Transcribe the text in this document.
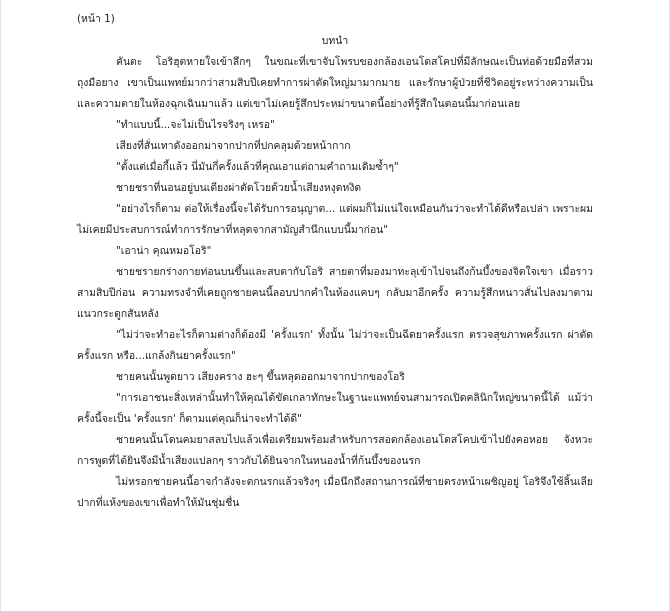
(หน้า 1)
บทนำ

คันตะ โอริฮุตหายใจเข้าลึกๆ ในขณะที่เขาจับโพรบของกล้องเอนโดสโคปที่มีลักษณะเป็นท่อด้วยมือที่สวมถุงมือยาง เขาเป็นแพทย์มากว่าสามสิบปีเคยทำการผ่าตัดใหญ่มามากมาย และรักษาผู้ป่วยที่ชีวิตอยู่ระหว่างความเป็นและความตายในห้องฉุกเฉินมาแล้ว แต่เขาไม่เคยรู้สึกประหม่าขนาดนี้อย่างที่รู้สึกในตอนนี้มาก่อนเลย

"ทำแบบนี้...จะไม่เป็นไรจริงๆ เหรอ"

เสียงที่สั่นเทาดังออกมาจากปากที่ปกคลุมด้วยหน้ากาก

"ตั้งแต่เมื่อกี้แล้ว นี่มันกี่ครั้งแล้วที่คุณเอาแต่ถามคำถามเดิมซ้ำๆ"

ชายชราที่นอนอยู่บนเตียงผ่าตัดโวยด้วยน้ำเสียงหงุดหงิด

"อย่างไรก็ตาม ต่อให้เรื่องนี้จะได้รับการอนุญาต... แต่ผมก็ไม่แน่ใจเหมือนกันว่าจะทำได้ดีหรือเปล่า เพราะผมไม่เคยมีประสบการณ์ทำการรักษาที่หลุดจากสามัญสำนึกแบบนี้มาก่อน"

"เอาน่า คุณหมอโอริ"

ชายชรายกร่างกายท่อนบนขึ้นและสบตากับโอริ สายตาที่มองมาทะลุเข้าไปจนถึงก้นบึ้งของจิตใจเขา เมื่อราวสามสิบปีก่อน ความทรงจำที่เคยถูกชายคนนี้ลอบปากคำในห้องแคบๆ กลับมาอีกครั้ง ความรู้สึกหนาวสั่นไปลงมาตามแนวกระดูกสันหลัง

"ไม่ว่าจะทำอะไรก็ตามต่างก็ต้องมี 'ครั้งแรก' ทั้งนั้น ไม่ว่าจะเป็นฉีดยาครั้งแรก ตรวจสุขภาพครั้งแรก ผ่าตัดครั้งแรก หรือ...แกล้งกินยาครั้งแรก"

ชายคนนั้นพูดยาว เสียงคราง ฮะๆ ขึ้นหลุดออกมาจากปากของโอริ

"การเอาชนะสิ่งเหล่านั้นทำให้คุณได้ขัดเกลาทักษะในฐานะแพทย์จนสามารถเปิดคลินิกใหญ่ขนาดนี้ได้ แม้ว่าครั้งนี้จะเป็น 'ครั้งแรก' ก็ตามแต่คุณก็น่าจะทำได้ดี"

ชายคนนั้นโดนคมยาสลบไปแล้วเพื่อเตรียมพร้อมสำหรับการสอดกล้องเอนโดสโคปเข้าไปยังคอหอย จังหวะการพูดที่ได้ยินจึงมีน้ำเสียงแปลกๆ ราวกับได้ยินจากในหนองน้ำที่ก้นบึ้งของนรก

ไม่หรอกชายคนนี้อาจกำลังจะตกนรกแล้วจริงๆ เมื่อนึกถึงสถานการณ์ที่ชายตรงหน้าเผชิญอยู่ โอริจึงใช้ลิ้นเลียปากที่แห้งของเขาเพื่อทำให้มันชุ่มชื่น
